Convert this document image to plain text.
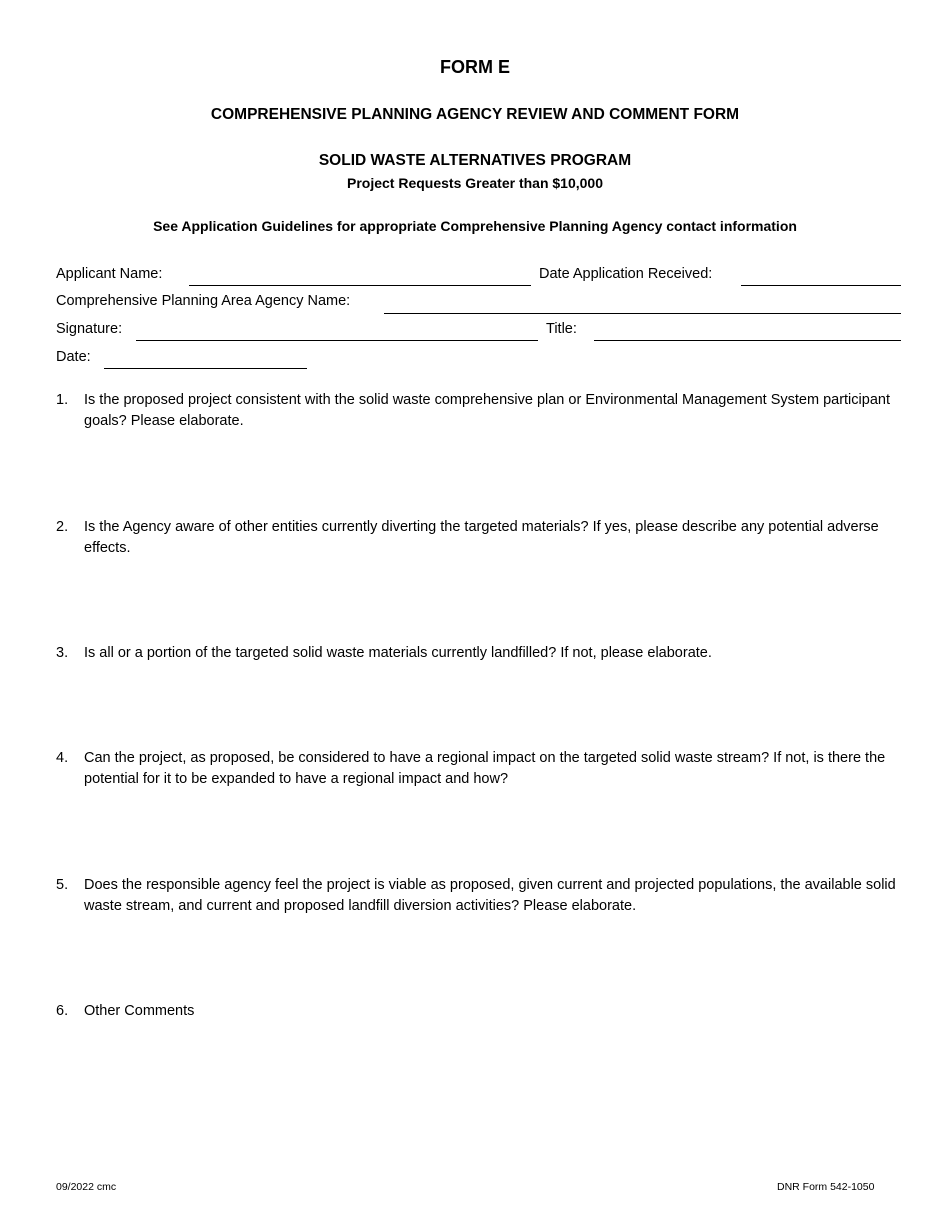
FORM E
COMPREHENSIVE PLANNING AGENCY REVIEW AND COMMENT FORM
SOLID WASTE ALTERNATIVES PROGRAM
Project Requests Greater than $10,000
See Application Guidelines for appropriate Comprehensive Planning Agency contact information
Applicant Name:	Date Application Received:
Comprehensive Planning Area Agency Name:
Signature:	Title:
Date:
1. Is the proposed project consistent with the solid waste comprehensive plan or Environmental Management System participant goals? Please elaborate.
2. Is the Agency aware of other entities currently diverting the targeted materials? If yes, please describe any potential adverse effects.
3. Is all or a portion of the targeted solid waste materials currently landfilled? If not, please elaborate.
4. Can the project, as proposed, be considered to have a regional impact on the targeted solid waste stream? If not, is there the potential for it to be expanded to have a regional impact and how?
5. Does the responsible agency feel the project is viable as proposed, given current and projected populations, the available solid waste stream, and current and proposed landfill diversion activities? Please elaborate.
6. Other Comments
09/2022 cmc	DNR Form 542-1050
